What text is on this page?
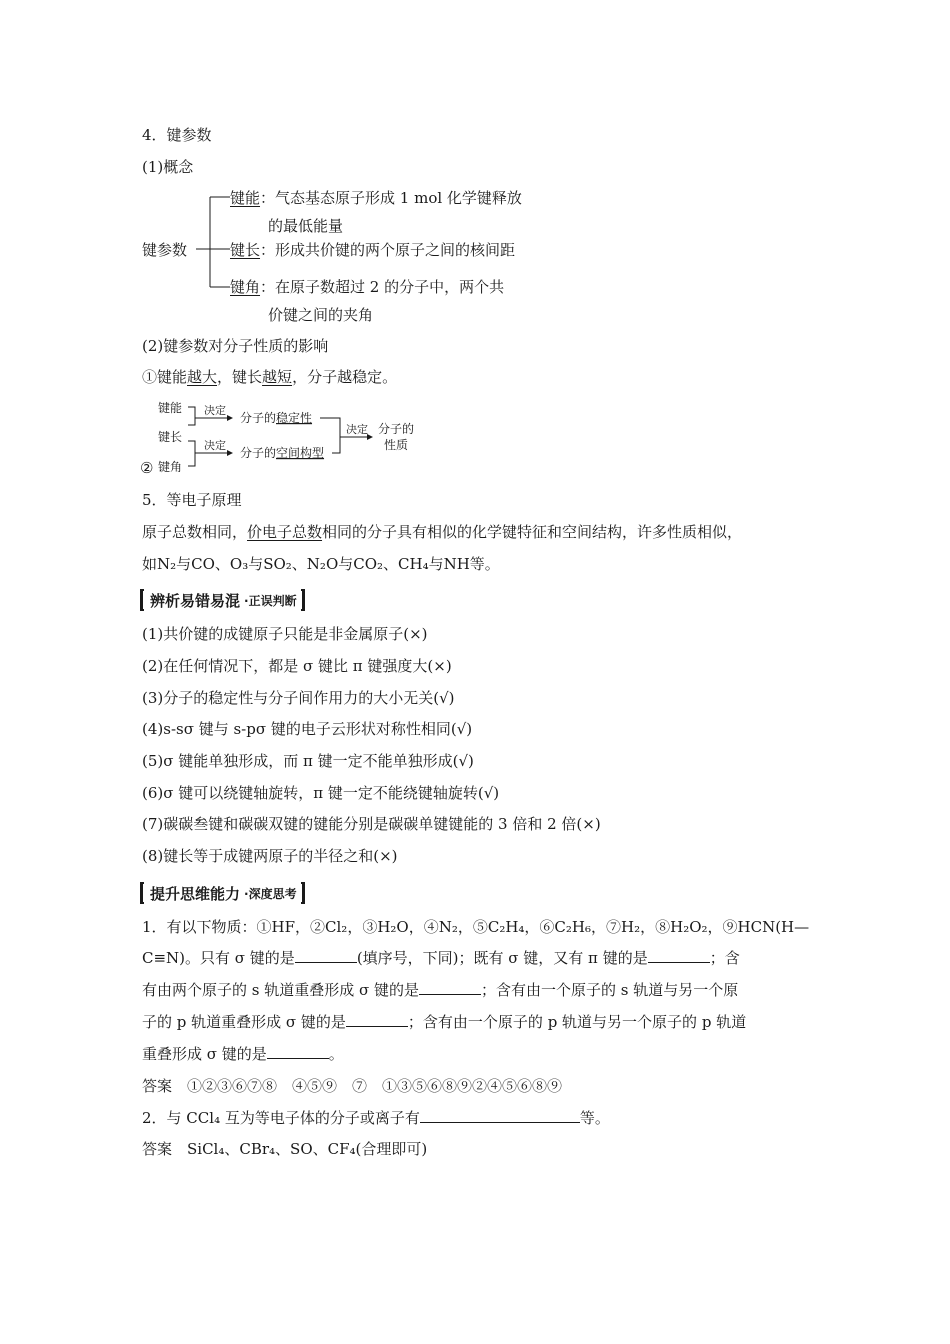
4．键参数
(1)概念
键参数
键能：气态基态原子形成 1 mol 化学键释放
的最低能量
键长：形成共价键的两个原子之间的核间距
键角：在原子数超过 2 的分子中，两个共
价键之间的夹角
(2)键参数对分子性质的影响
①键能越大，键长越短，分子越稳定。
②
键能
键长
键角
决定
决定
分子的稳定性
分子的空间构型
决定 分子的
性质
5．等电子原理
原子总数相同，价电子总数相同的分子具有相似的化学键特征和空间结构，许多性质相似，
如N₂与CO、O₃与SO₂、N₂O与CO₂、CH₄与NH等。
辨析易错易混 ·正误判断
(1)共价键的成键原子只能是非金属原子(×)
(2)在任何情况下，都是 σ 键比 π 键强度大(×)
(3)分子的稳定性与分子间作用力的大小无关(√)
(4)s-sσ 键与 s-pσ 键的电子云形状对称性相同(√)
(5)σ 键能单独形成，而 π 键一定不能单独形成(√)
(6)σ 键可以绕键轴旋转，π 键一定不能绕键轴旋转(√)
(7)碳碳叁键和碳碳双键的键能分别是碳碳单键键能的 3 倍和 2 倍(×)
(8)键长等于成键两原子的半径之和(×)
提升思维能力 ·深度思考
1．有以下物质：①HF，②Cl₂，③H₂O，④N₂，⑤C₂H₄，⑥C₂H₆，⑦H₂，⑧H₂O₂，⑨HCN(H—
C≡N)。只有 σ 键的是	(填序号，下同)；既有 σ 键，又有 π 键的是	；含
有由两个原子的 s 轨道重叠形成 σ 键的是	；含有由一个原子的 s 轨道与另一个原
子的 p 轨道重叠形成 σ 键的是	；含有由一个原子的 p 轨道与另一个原子的 p 轨道
重叠形成 σ 键的是	。
答案　①②③⑥⑦⑧　④⑤⑨　⑦　①③⑤⑥⑧⑨②④⑤⑥⑧⑨
2．与 CCl₄ 互为等电子体的分子或离子有	等。
答案　SiCl₄、CBr₄、SO、CF₄(合理即可)
